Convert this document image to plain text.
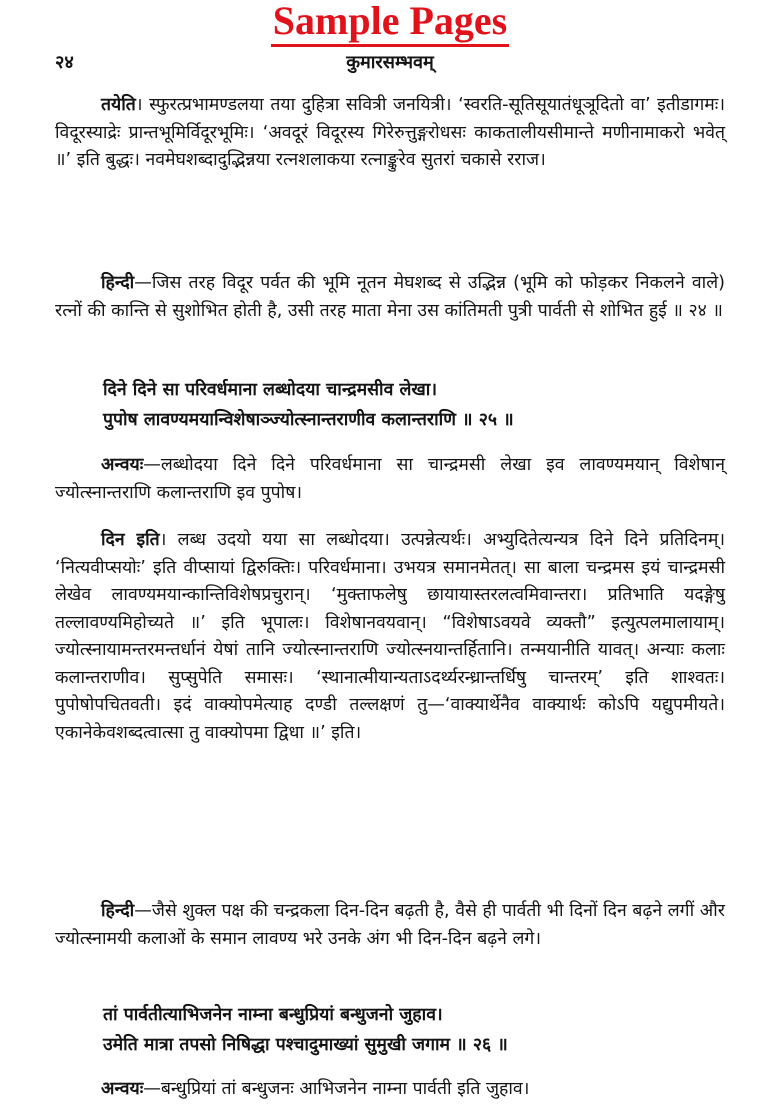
Sample Pages
२४	कुमारसम्भवम्
तयेति। स्फुरत्प्रभामण्डलया तया दुहित्रा सवित्री जनयित्री। ‘स्वरति-सूतिसूयातंधूञूदितो वा’ इतीडागमः। विदूरस्याद्रेः प्रान्तभूमिर्विदूरभूमिः। ‘अवदूरं विदूरस्य गिरेरुत्तुङ्गरोधसः काकतालीयसीमान्ते मणीनामाकरो भवेत् ॥’ इति बुद्धः। नवमेघशब्दादुद्भिन्नया रत्नशलाकया रत्नाङ्कुरेव सुतरां चकासे रराज।
हिन्दी—जिस तरह विदूर पर्वत की भूमि नूतन मेघशब्द से उद्भिन्न (भूमि को फोड़कर निकलने वाले) रत्नों की कान्ति से सुशोभित होती है, उसी तरह माता मेना उस कांतिमती पुत्री पार्वती से शोभित हुई ॥ २४ ॥
दिने दिने सा परिवर्धमाना लब्धोदया चान्द्रमसीव लेखा।
पुपोष लावण्यमयान्विशेषाञ्ज्योत्स्नान्तराणीव कलान्तराणि ॥ २५ ॥
अन्वयः—लब्धोदया दिने दिने परिवर्धमाना सा चान्द्रमसी लेखा इव लावण्यमयान् विशेषान् ज्योत्स्नान्तराणि कलान्तराणि इव पुपोष।
दिन इति। लब्ध उदयो यया सा लब्धोदया। उत्पन्नेत्यर्थः। अभ्युदितेत्यन्यत्र दिने दिने प्रतिदिनम्। ‘नित्यवीप्सयोः’ इति वीप्सायां द्विरुक्तिः। परिवर्धमाना। उभयत्र समानमेतत्। सा बाला चन्द्रमस इयं चान्द्रमसी लेखेव लावण्यमयान्कान्तिविशेषप्रचुरान्। ‘मुक्ताफलेषु छायायास्तरलत्वमिवान्तरा। प्रतिभाति यदङ्गेषु तल्लावण्यमिहोच्यते ॥’ इति भूपालः। विशेषानवयवान्। “विशेषाऽवयवे व्यक्तौ” इत्युत्पलमालायाम्। ज्योत्स्नायामन्तरमन्तर्धानं येषां तानि ज्योत्स्नान्तराणि ज्योत्स्नयान्तर्हितानि। तन्मयानीति यावत्। अन्याः कलाः कलान्तराणीव। सुप्सुपेति समासः। ‘स्थानात्मीयान्यताऽदर्थ्यरन्ध्रान्तर्धिषु चान्तरम्’ इति शाश्वतः। पुपोषोपचितवती। इदं वाक्योपमेत्याह दण्डी तल्लक्षणं तु—‘वाक्यार्थेनैव वाक्यार्थः कोऽपि यद्युपमीयते। एकानेकेवशब्दत्वात्सा तु वाक्योपमा द्विधा ॥’ इति।
हिन्दी—जैसे शुक्ल पक्ष की चन्द्रकला दिन-दिन बढ़ती है, वैसे ही पार्वती भी दिनों दिन बढ़ने लगीं और ज्योत्स्नामयी कलाओं के समान लावण्य भरे उनके अंग भी दिन-दिन बढ़ने लगे।
तां पार्वतीत्याभिजनेन नाम्ना बन्धुप्रियां बन्धुजनो जुहाव।
उमेति मात्रा तपसो निषिद्धा पश्चादुमाख्यां सुमुखी जगाम ॥ २६ ॥
अन्वयः—बन्धुप्रियां तां बन्धुजनः आभिजनेन नाम्ना पार्वती इति जुहाव।
